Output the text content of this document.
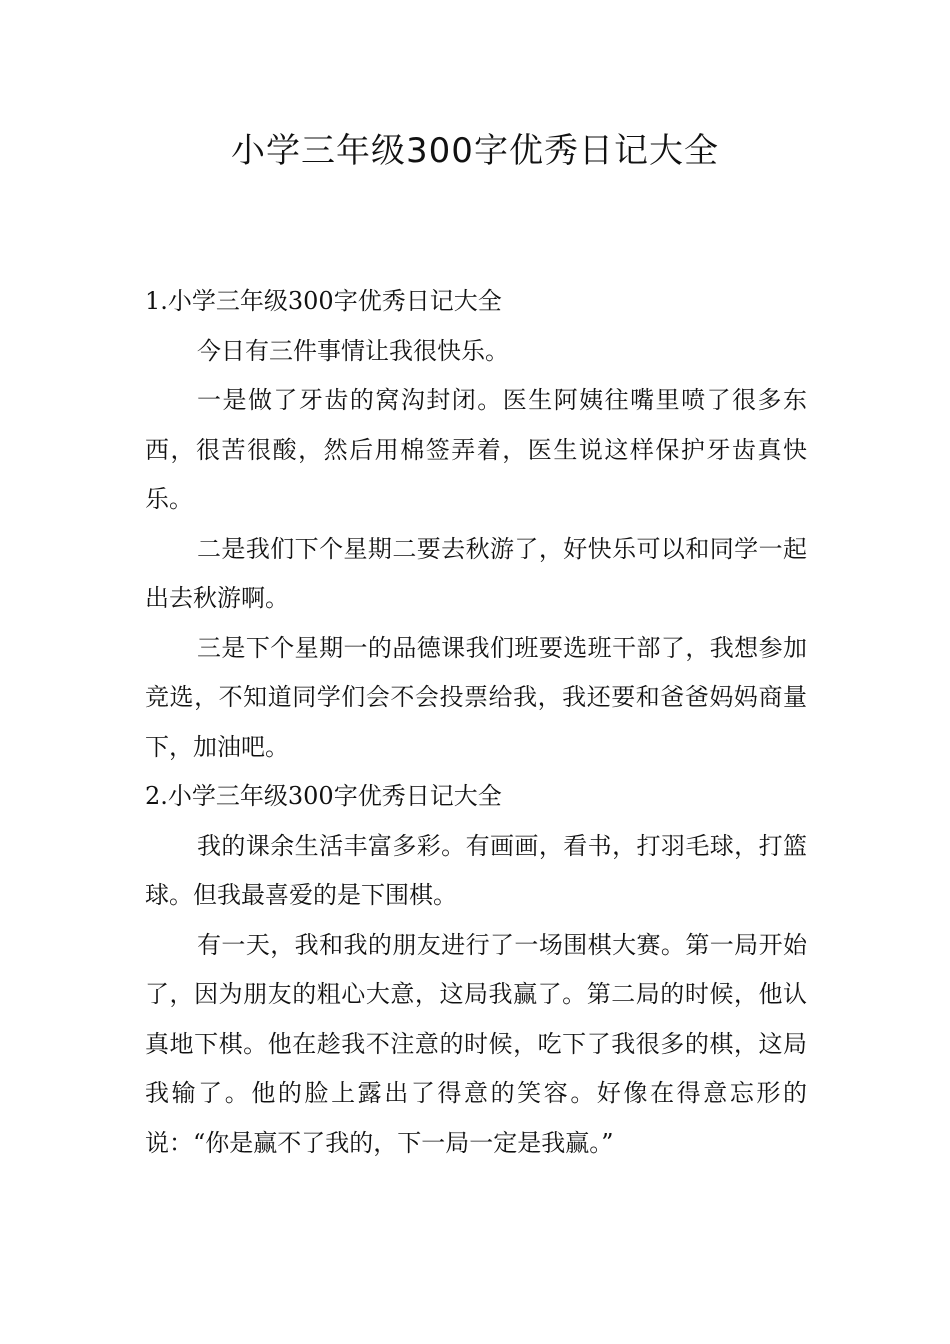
小学三年级300字优秀日记大全
1.小学三年级300字优秀日记大全

今日有三件事情让我很快乐。

一是做了牙齿的窝沟封闭。医生阿姨往嘴里喷了很多东西，很苦很酸，然后用棉签弄着，医生说这样保护牙齿真快乐。

二是我们下个星期二要去秋游了，好快乐可以和同学一起出去秋游啊。

三是下个星期一的品德课我们班要选班干部了，我想参加竞选，不知道同学们会不会投票给我，我还要和爸爸妈妈商量下，加油吧。

2.小学三年级300字优秀日记大全

我的课余生活丰富多彩。有画画，看书，打羽毛球，打篮球。但我最喜爱的是下围棋。

有一天，我和我的朋友进行了一场围棋大赛。第一局开始了，因为朋友的粗心大意，这局我赢了。第二局的时候，他认真地下棋。他在趁我不注意的时候，吃下了我很多的棋，这局我输了。他的脸上露出了得意的笑容。好像在得意忘形的说：“你是赢不了我的，下一局一定是我赢。”
